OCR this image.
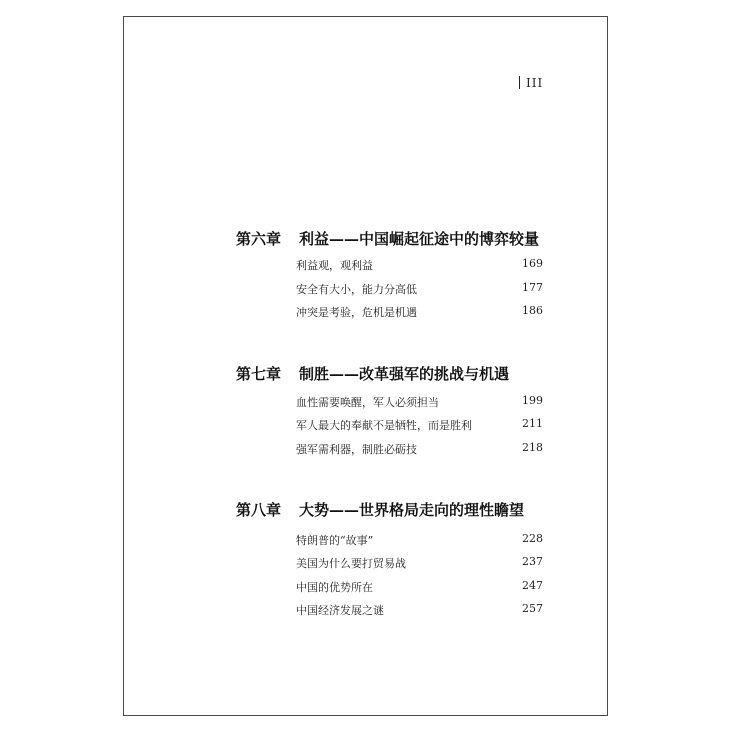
III
第六章 利益——中国崛起征途中的博弈较量
利益观，观利益	169
安全有大小，能力分高低	177
冲突是考验，危机是机遇	186
第七章 制胜——改革强军的挑战与机遇
血性需要唤醒，军人必须担当	199
军人最大的奉献不是牺牲，而是胜利	211
强军需利器，制胜必砺技	218
第八章 大势——世界格局走向的理性瞻望
特朗普的“故事”	228
美国为什么要打贸易战	237
中国的优势所在	247
中国经济发展之谜	257
